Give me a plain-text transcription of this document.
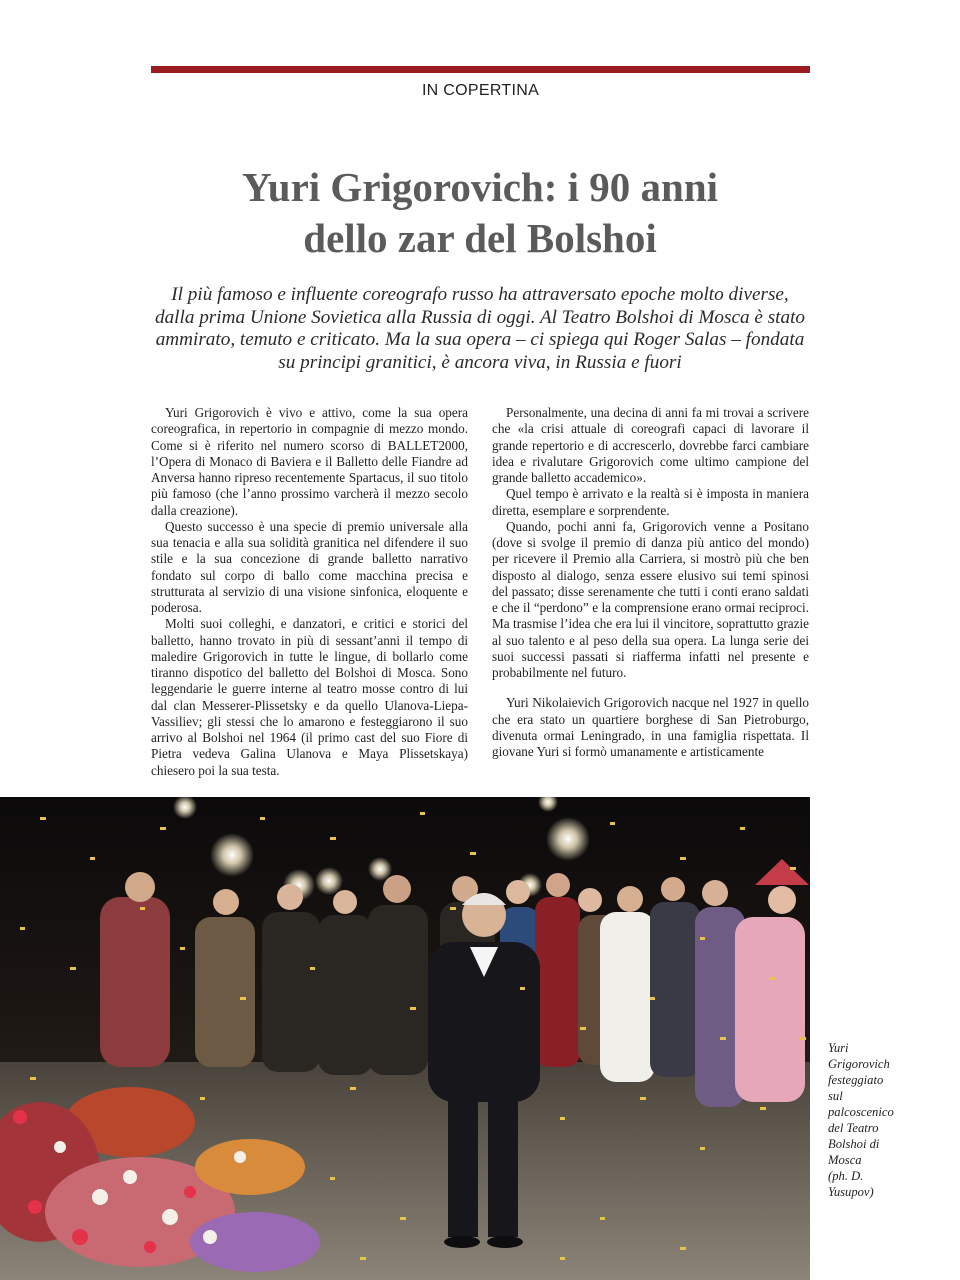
IN COPERTINA
Yuri Grigorovich: i 90 anni
dello zar del Bolshoi

Il più famoso e influente coreografo russo ha attraversato epoche molto diverse,
dalla prima Unione Sovietica alla Russia di oggi. Al Teatro Bolshoi di Mosca è stato
ammirato, temuto e criticato. Ma la sua opera – ci spiega qui Roger Salas – fondata
su principi granitici, è ancora viva, in Russia e fuori

Yuri Grigorovich è vivo e attivo, come la sua opera coreografica, in repertorio in compagnie di mezzo mondo. Come si è riferito nel numero scorso di BALLET2000, l’Opera di Monaco di Baviera e il Balletto delle Fiandre ad Anversa hanno ripreso recentemente Spartacus, il suo titolo più famoso (che l’anno prossimo varcherà il mezzo secolo dalla creazione).

Questo successo è una specie di premio universale alla sua tenacia e alla sua solidità granitica nel difendere il suo stile e la sua concezione di grande balletto narrativo fondato sul corpo di ballo come macchina precisa e strutturata al servizio di una visione sinfonica, eloquente e poderosa.

Molti suoi colleghi, e danzatori, e critici e storici del balletto, hanno trovato in più di sessant’anni il tempo di maledire Grigorovich in tutte le lingue, di bollarlo come tiranno dispotico del balletto del Bolshoi di Mosca. Sono leggendarie le guerre interne al teatro mosse contro di lui dal clan Messerer-Plissetsky e da quello Ulanova-Liepa-Vassiliev; gli stessi che lo amarono e festeggiarono il suo arrivo al Bolshoi nel 1964 (il primo cast del suo Fiore di Pietra vedeva Galina Ulanova e Maya Plissetskaya) chiesero poi la sua testa.

Personalmente, una decina di anni fa mi trovai a scrivere che «la crisi attuale di coreografi capaci di lavorare il grande repertorio e di accrescerlo, dovrebbe farci cambiare idea e rivalutare Grigorovich come ultimo campione del grande balletto accademico».

Quel tempo è arrivato e la realtà si è imposta in maniera diretta, esemplare e sorprendente.

Quando, pochi anni fa, Grigorovich venne a Positano (dove si svolge il premio di danza più antico del mondo) per ricevere il Premio alla Carriera, si mostrò più che ben disposto al dialogo, senza essere elusivo sui temi spinosi del passato; disse serenamente che tutti i conti erano saldati e che il “perdono” e la comprensione erano ormai reciproci. Ma trasmise l’idea che era lui il vincitore, soprattutto grazie al suo talento e al peso della sua opera. La lunga serie dei suoi successi passati si riafferma infatti nel presente e probabilmente nel futuro.

Yuri Nikolaievich Grigorovich nacque nel 1927 in quello che era stato un quartiere borghese di San Pietroburgo, divenuta ormai Leningrado, in una famiglia rispettata. Il giovane Yuri si formò umanamente e artisticamente

Yuri
Grigorovich
festeggiato
sul
palcoscenico
del Teatro
Bolshoi di
Mosca
(ph. D.
Yusupov)
